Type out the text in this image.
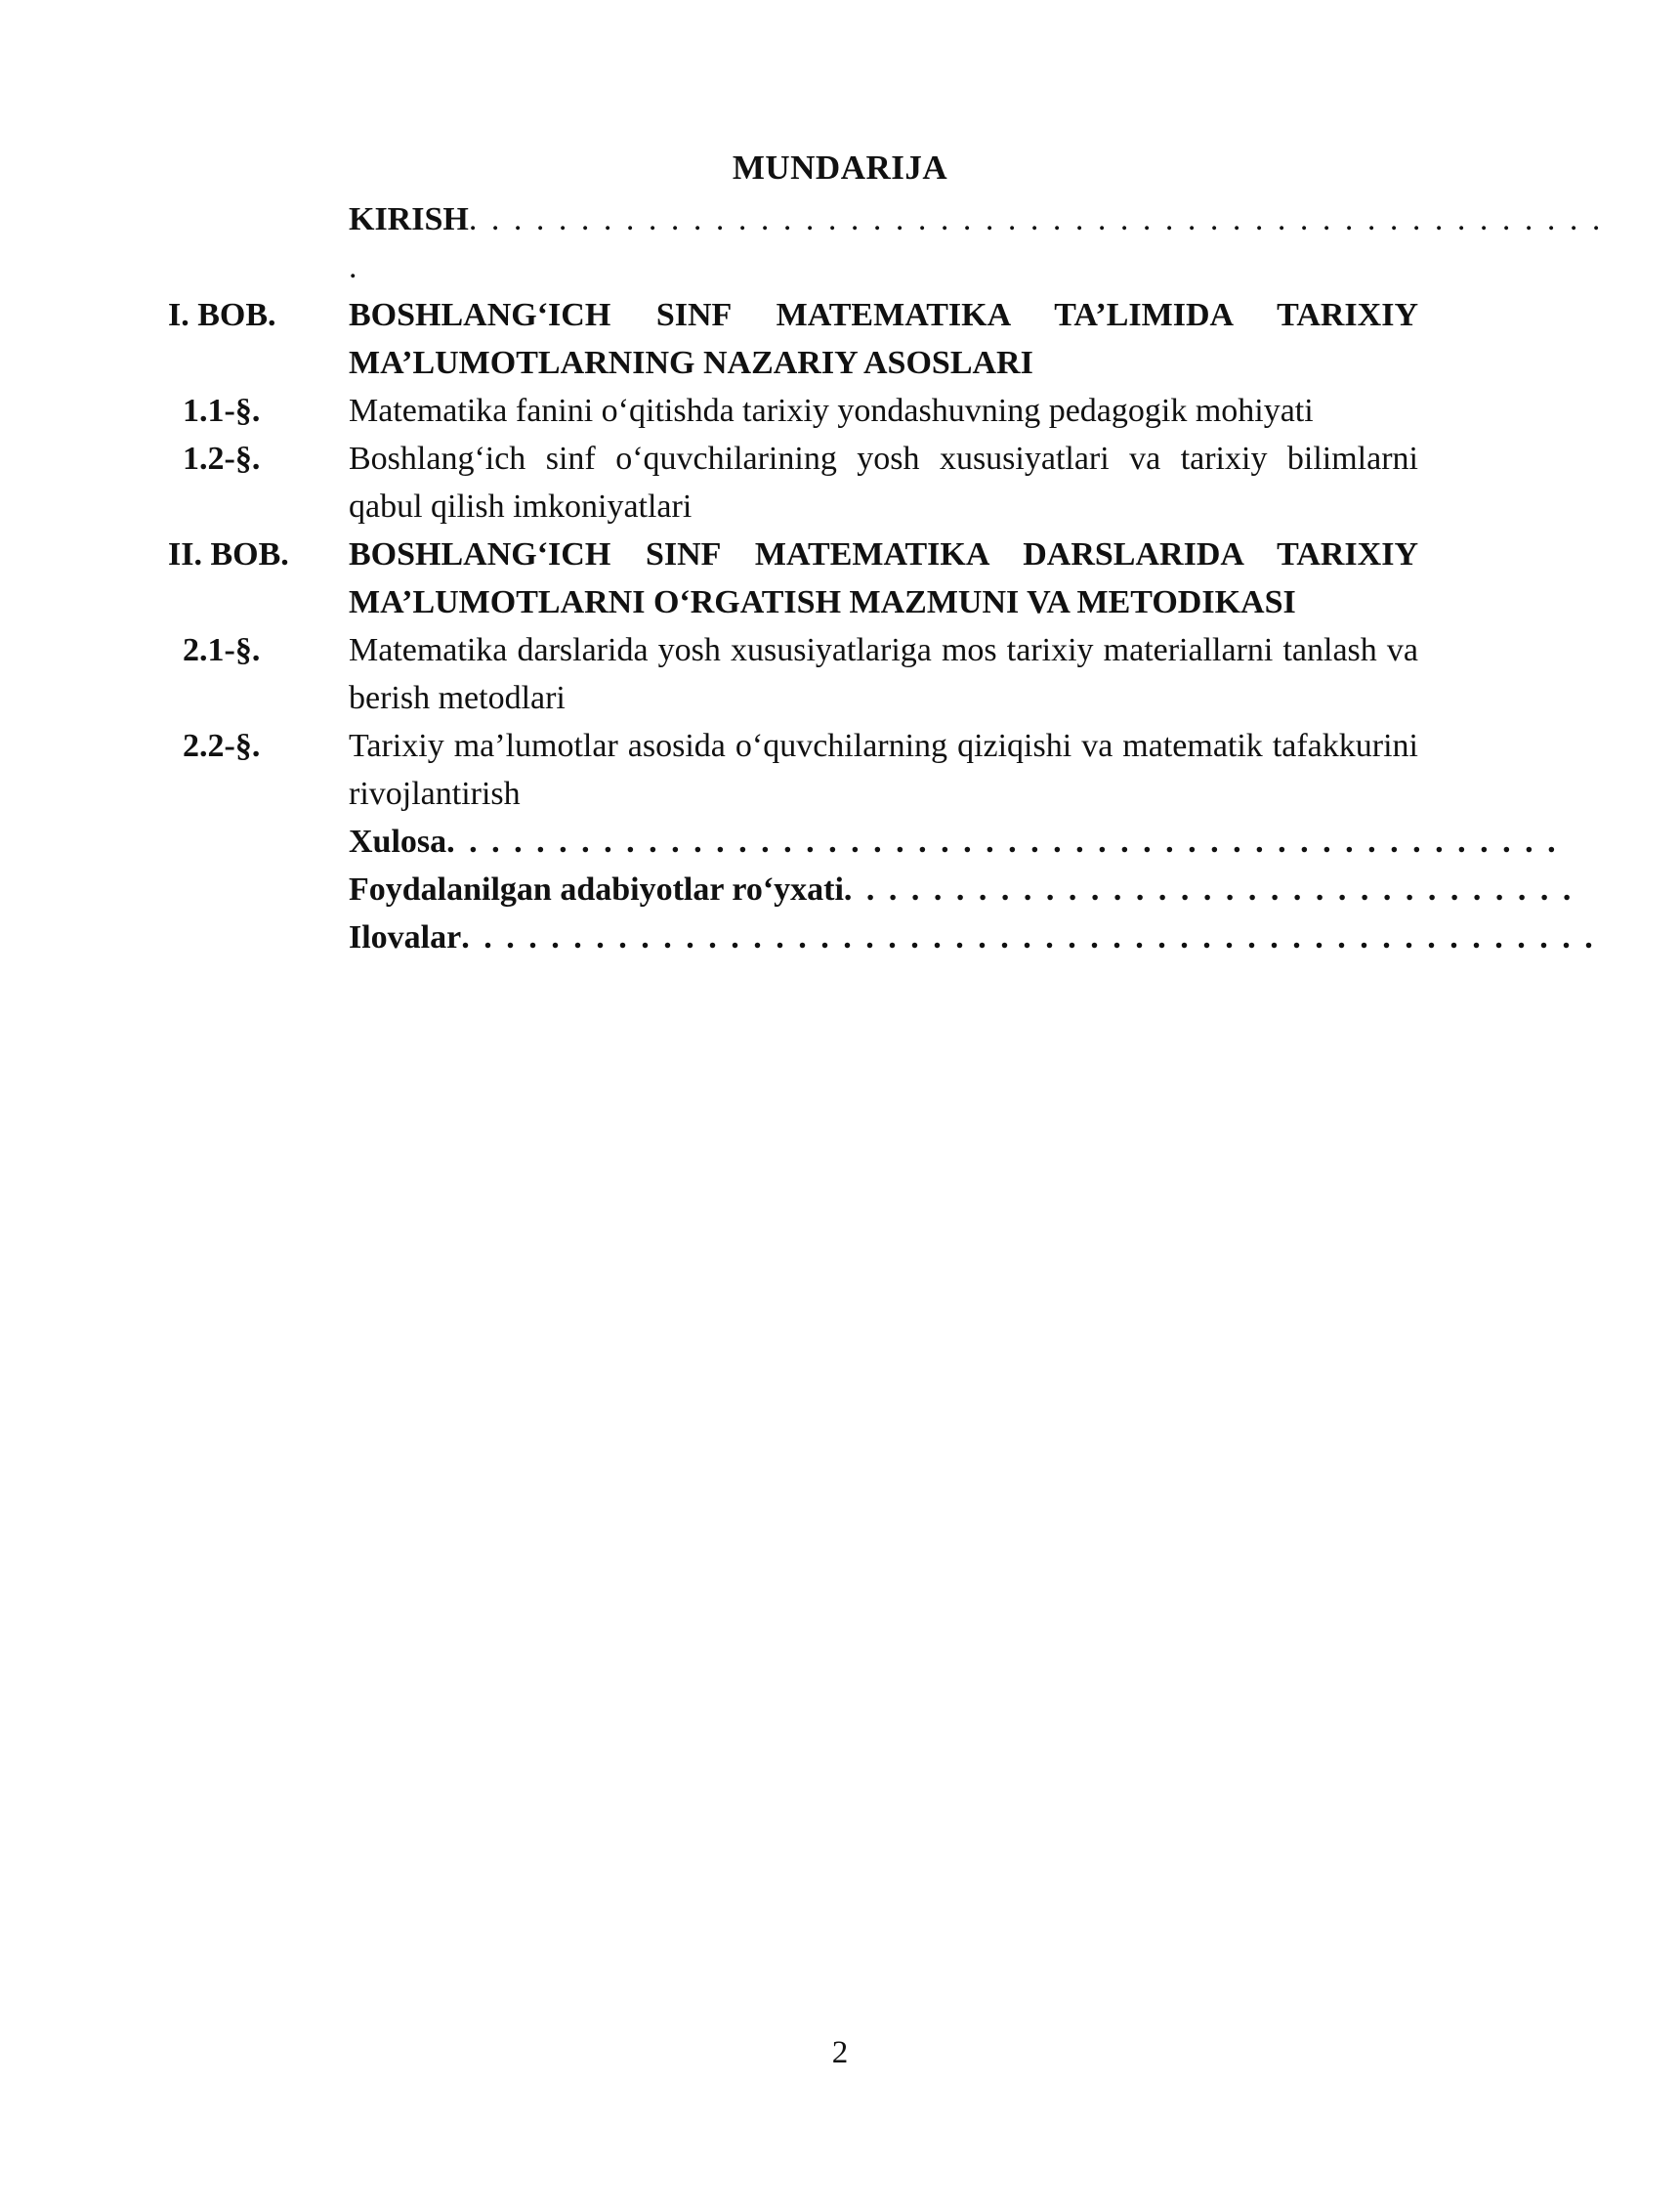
MUNDARIJA
KIRISH . . . . . . . . . . . . . . . . . . . . . . . . . . . . . . . . . . . . . . . . . . . . . . . . . . .
.
I. BOB.	BOSHLANG‘ICH SINF MATEMATIKA TA’LIMIDA TARIXIY MA’LUMOTLARNING NAZARIY ASOSLARI
1.1-§.	Matematika fanini o‘qitishda tarixiy yondashuvning pedagogik mohiyati
1.2-§.	Boshlang‘ich sinf o‘quvchilarining yosh xususiyatlari va tarixiy bilimlarni qabul qilish imkoniyatlari
II. BOB.	BOSHLANG‘ICH SINF MATEMATIKA DARSLARIDA TARIXIY MA’LUMOTLARNI O‘RGATISH MAZMUNI VA METODIKASI
2.1-§.	Matematika darslarida yosh xususiyatlariga mos tarixiy materiallarni tanlash va berish metodlari
2.2-§.	Tarixiy ma’lumotlar asosida o‘quvchilarning qiziqishi va matematik tafakkurini rivojlantirish
Xulosa . . . . . . . . . . . . . . . . . . . . . . . . . . . . . . . . . . . . . . . . . . . . . . . . . .
Foydalanilgan adabiyotlar ro‘yxati . . . . . . . . . . . . . . . . . . . . . . . . . . . . . . . . .
Ilovalar . . . . . . . . . . . . . . . . . . . . . . . . . . . . . . . . . . . . . . . . . . . . . . . . . . .
2
